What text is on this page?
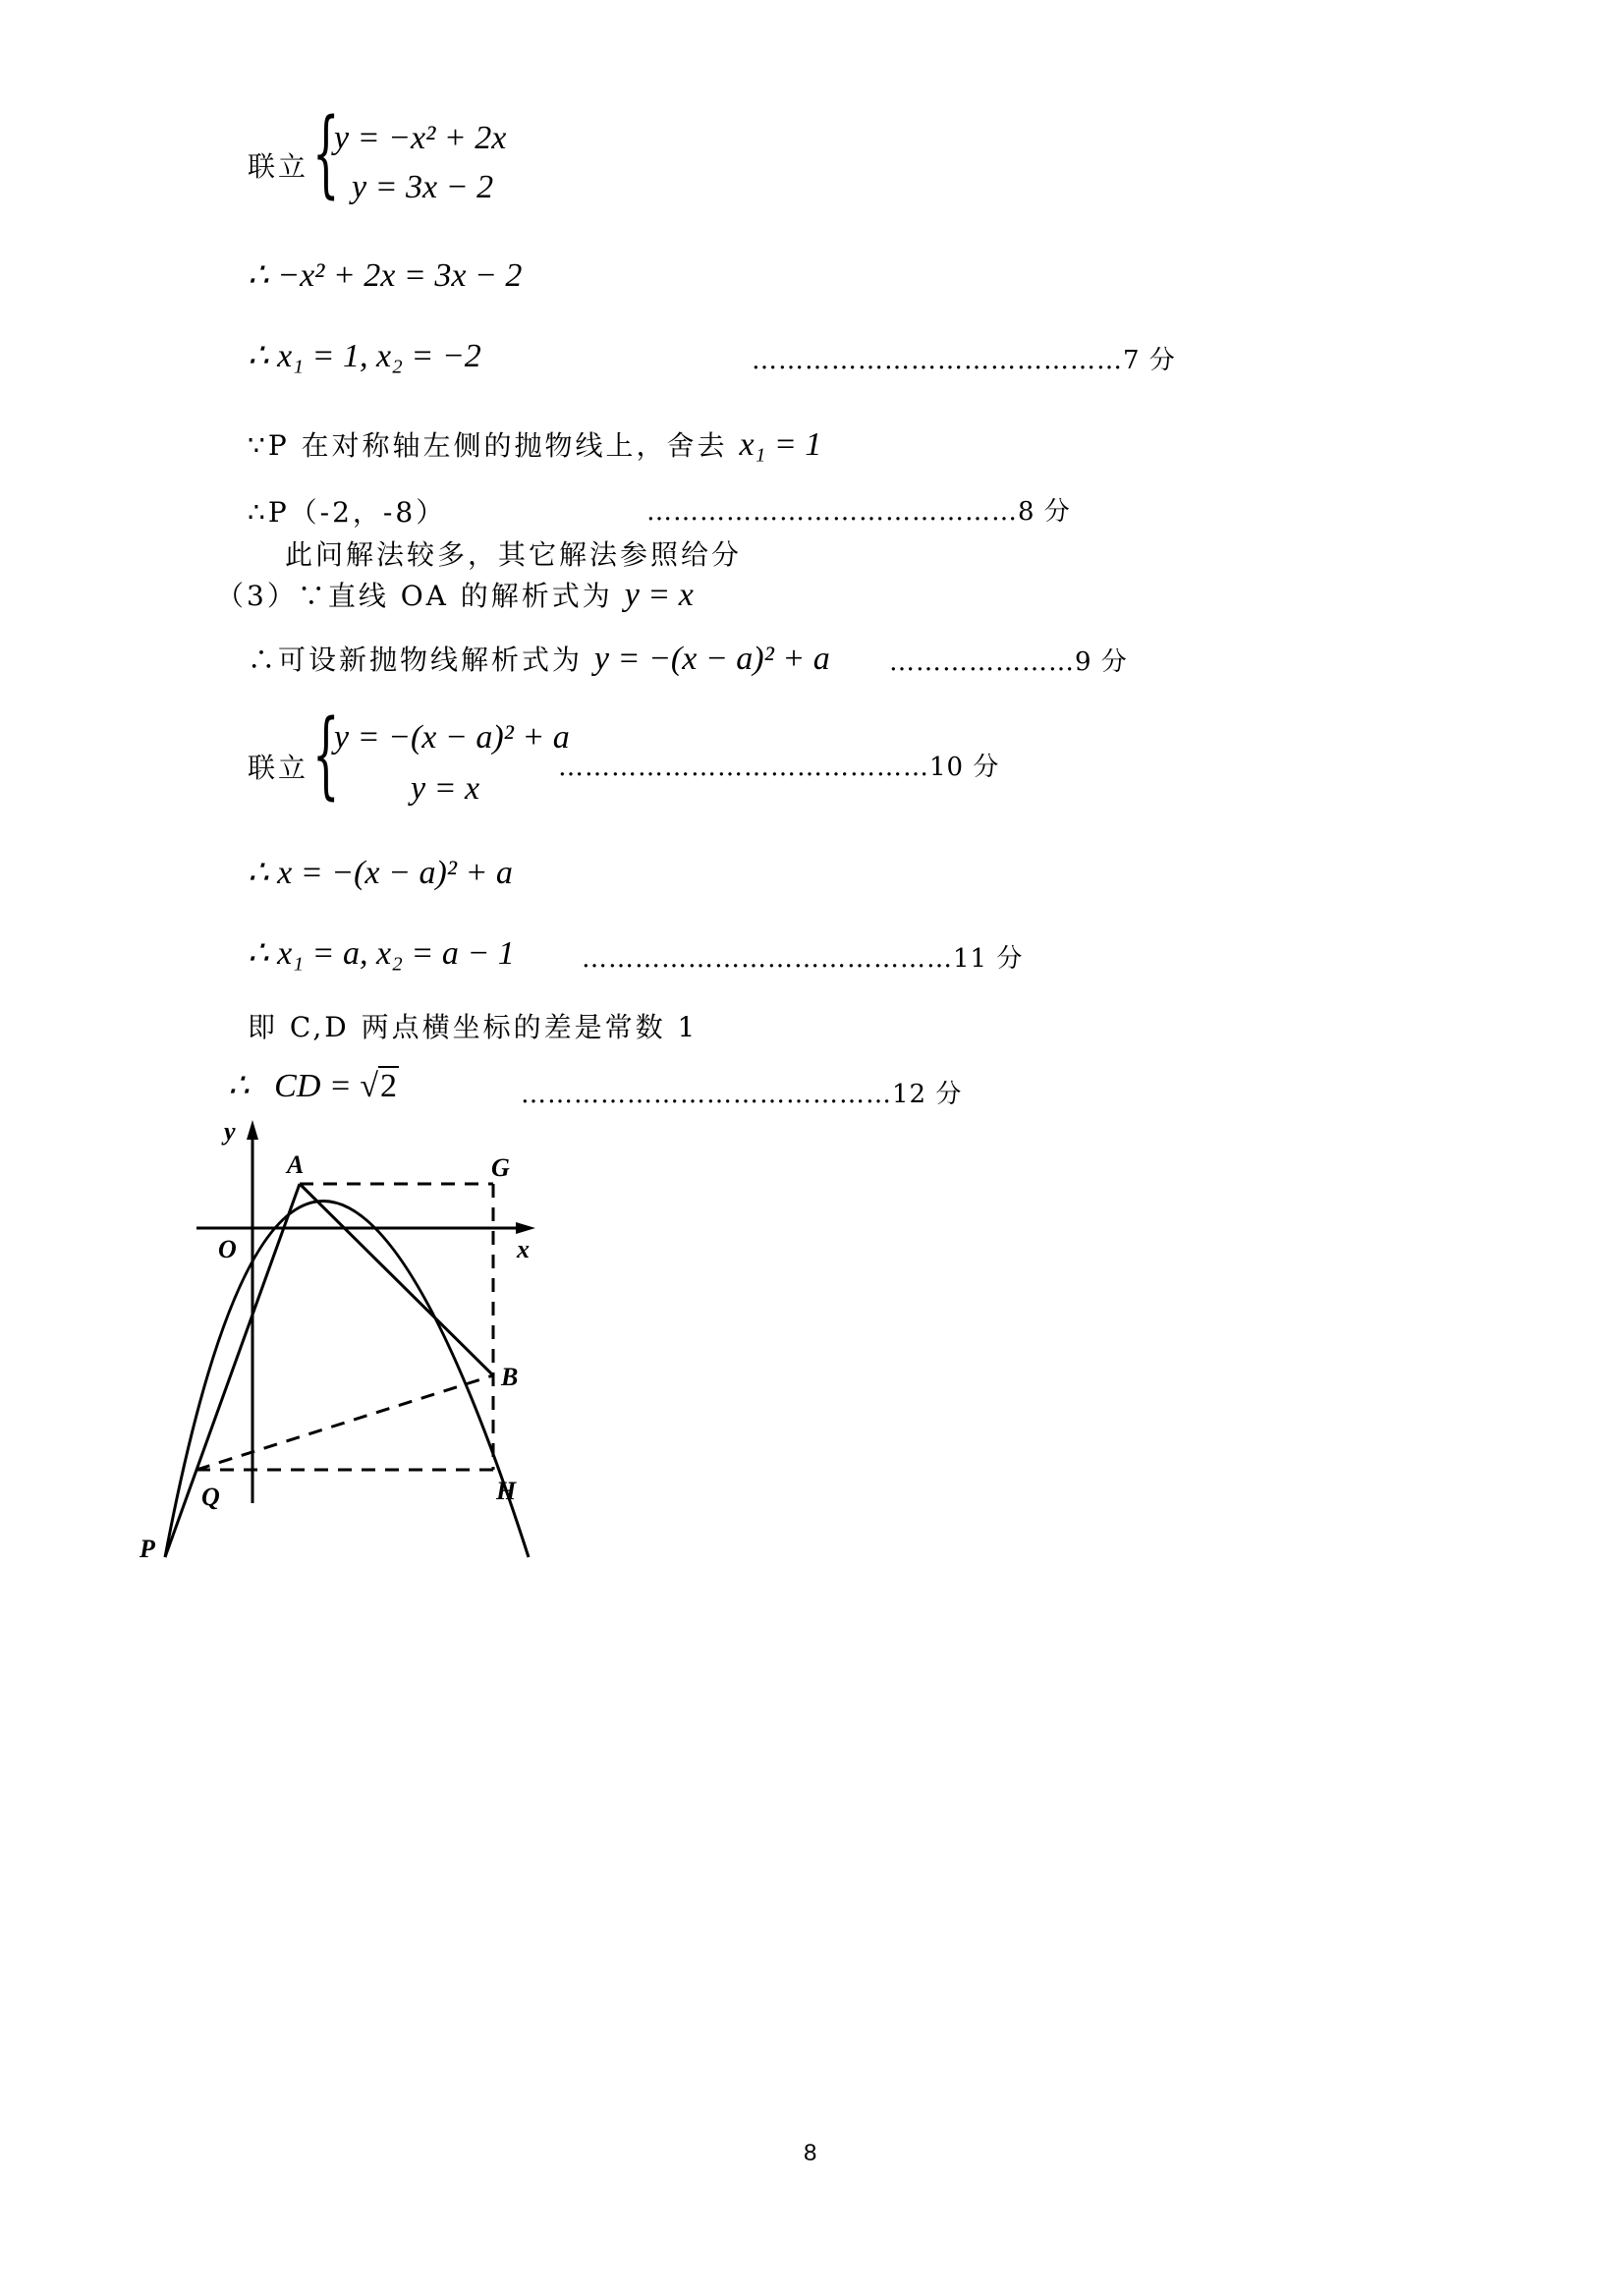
联立 {
y = −x² + 2x
y = 3x − 2
∴ −x² + 2x = 3x − 2
∴ x₁ = 1, x₂ = −2	……………………………………7 分
∵P 在对称轴左侧的抛物线上，舍去 x₁ = 1
∴P（-2，-8）	……………………………………8 分
此问解法较多，其它解法参照给分
（3）∵直线 OA 的解析式为 y = x
∴可设新抛物线解析式为 y = −(x − a)² + a …………………9 分
联立 {
y = −(x − a)² + a
y = x
……………………………………10 分
∴ x = −(x − a)² + a
∴ x₁ = a, x₂ = a − 1	……………………………………11 分
即 C,D 两点横坐标的差是常数 1
∴ CD = √2	……………………………………12 分
y
x
O
A	G
B
Q	H
P
8
